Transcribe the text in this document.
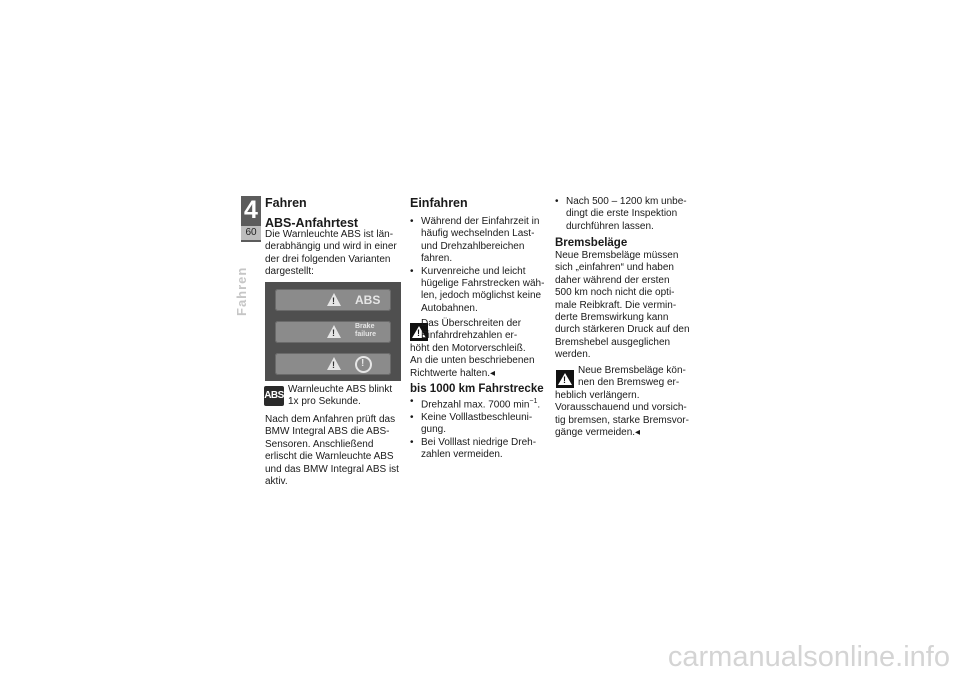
4
60
Fahren
Fahren
ABS-Anfahrtest

Die Warnleuchte ABS ist län-

derabhängig und wird in einer

der drei folgenden Varianten

dargestellt:

!
ABS
!
Brake
failure
!
!
ABS

Warnleuchte ABS blinkt

1x pro Sekunde.

Nach dem Anfahren prüft das

BMW Integral ABS die ABS-

Sensoren. Anschließend

erlischt die Warnleuchte ABS

und das BMW Integral ABS ist

aktiv.

Einfahren

• Während der Einfahrzeit in

häufig wechselnden Last-

und Drehzahlbereichen

fahren.

• Kurvenreiche und leicht

hügelige Fahrstrecken wäh-

len, jedoch möglichst keine

Autobahnen.

!

Das Überschreiten der

Einfahrdrehzahlen er-

höht den Motorverschleiß.

An die unten beschriebenen

Richtwerte halten.◂

bis 1000 km Fahrstrecke
• Drehzahl max. 7000 $\min^{-1}$.

• Keine Volllastbeschleuni-

gung.

• Bei Volllast niedrige Dreh-

zahlen vermeiden.

• Nach 500 – 1200 km unbe-

dingt die erste Inspektion

durchführen lassen.

Bremsbeläge

Neue Bremsbeläge müssen

sich „einfahren“ und haben

daher während der ersten

500 km noch nicht die opti-

male Reibkraft. Die vermin-

derte Bremswirkung kann

durch stärkeren Druck auf den

Bremshebel ausgeglichen

werden.

!

Neue Bremsbeläge kön-

nen den Bremsweg er-

heblich verlängern.

Vorausschauend und vorsich-

tig bremsen, starke Bremsvor-

gänge vermeiden.◂

carmanualsonline.info
